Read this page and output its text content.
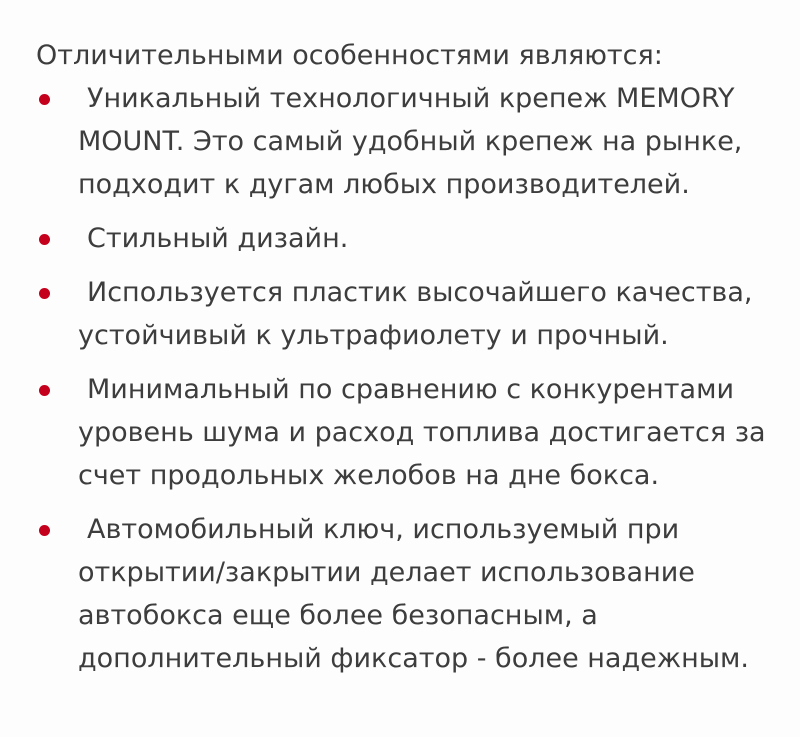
Отличительными особенностями являются:

Уникальный технологичный крепеж MEMORY MOUNT. Это самый удобный крепеж на рынке, подходит к дугам любых производителей.
Стильный дизайн.
Используется пластик высочайшего качества, устойчивый к ультрафиолету и прочный.
Минимальный по сравнению с конкурентами уровень шума и расход топлива достигается за счет продольных желобов на дне бокса.
Автомобильный ключ, используемый при открытии/закрытии делает использование автобокса еще более безопасным, а дополнительный фиксатор - более надежным.
